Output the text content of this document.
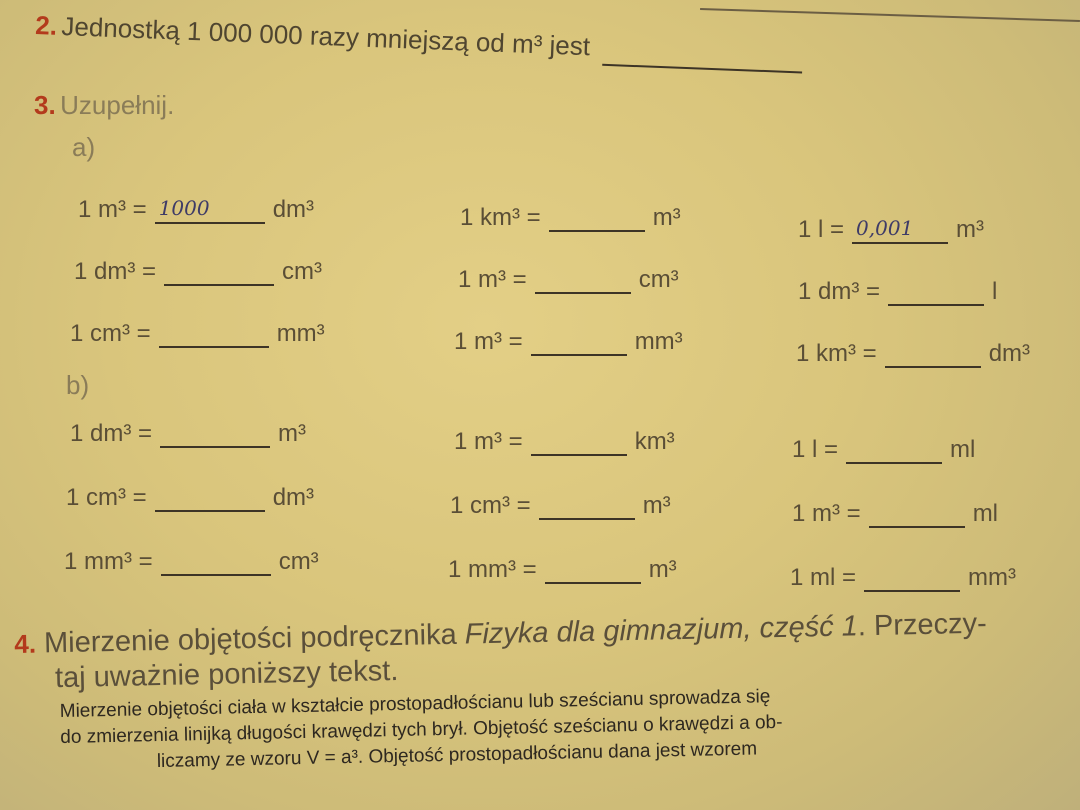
2. Jednostką 1 000 000 razy mniejszą od m³ jest
3. Uzupełnij.
a)
1 m³ = 1000	dm³	1 km³ =	m³	1 l = 0,001 m³
1 dm³ =	cm³	1 m³ =	cm³	1 dm³ =	l
1 cm³ =	mm³	1 m³ =	mm³	1 km³ =	dm³
b)
1 dm³ =	m³	1 m³ =	km³	1 l =	ml
1 cm³ =	dm³	1 cm³ =	m³	1 m³ =	ml
1 mm³ =	cm³	1 mm³ =	m³	1 ml =	mm³
4. Mierzenie objętości podręcznika Fizyka dla gimnazjum, część 1. Przeczy-
taj uważnie poniższy tekst.
Mierzenie objętości ciała w kształcie prostopadłościanu lub sześcianu sprowadza się
do zmierzenia linijką długości krawędzi tych brył. Objętość sześcianu o krawędzi a ob-
liczamy ze wzoru V = a³. Objętość prostopadłościanu dana jest wzorem
